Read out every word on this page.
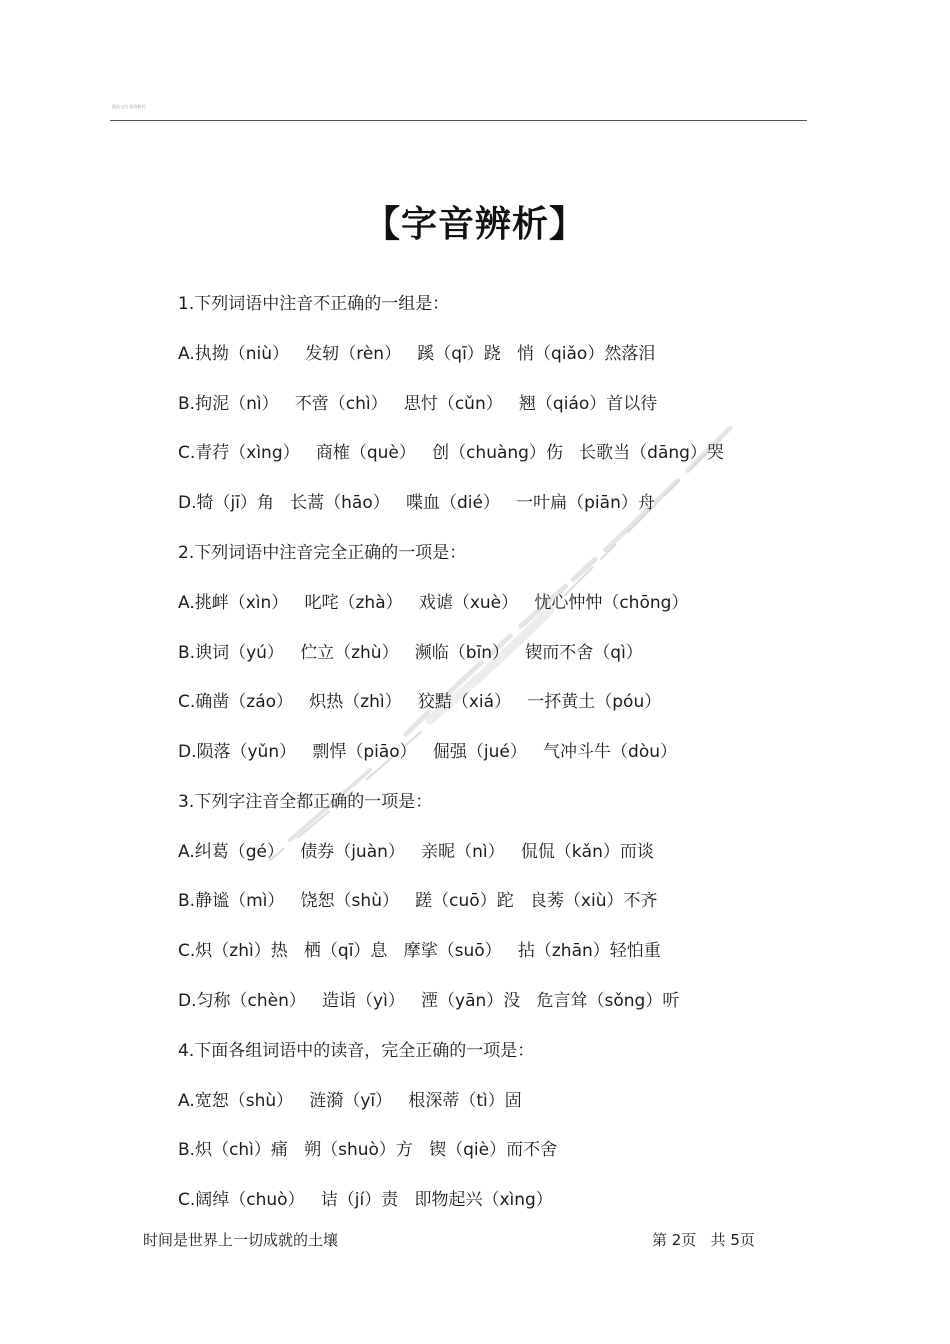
精品文档 值得拥有
【字音辨析】
1.下列词语中注音不正确的一组是：
A.执拗（niù）   发轫（rèn）   蹊（qī）跷   悄（qiǎo）然落泪
B.拘泥（nì）   不啻（chì）   思忖（cǔn）   翘（qiáo）首以待
C.青荇（xìng）   商榷（què）   创（chuàng）伤   长歌当（dāng）哭
D.犄（jī）角   长蒿（hāo）   喋血（dié）   一叶扁（piān）舟
2.下列词语中注音完全正确的一项是：
A.挑衅（xìn）   叱咤（zhà）   戏谑（xuè）   忧心忡忡（chōng）
B.谀词（yú）   伫立（zhù）   濒临（bīn）   锲而不舍（qì）
C.确凿（záo）   炽热（zhì）   狡黠（xiá）   一抔黄土（póu）
D.陨落（yǔn）   剽悍（piāo）   倔强（jué）   气冲斗牛（dòu）
3.下列字注音全都正确的一项是：
A.纠葛（gé）   债券（juàn）   亲昵（nì）   侃侃（kǎn）而谈
B.静谧（mì）   饶恕（shù）   蹉（cuō）跎   良莠（xiù）不齐
C.炽（zhì）热   栖（qī）息   摩挲（suō）   拈（zhān）轻怕重
D.匀称（chèn）   造诣（yì）   湮（yān）没   危言耸（sǒng）听
4.下面各组词语中的读音，完全正确的一项是：
A.宽恕（shù）   涟漪（yī）   根深蒂（tì）固
B.炽（chì）痛   朔（shuò）方   锲（qiè）而不舍
C.阔绰（chuò）   诘（jí）责   即物起兴（xìng）
时间是世界上一切成就的土壤	第 2页   共 5页
